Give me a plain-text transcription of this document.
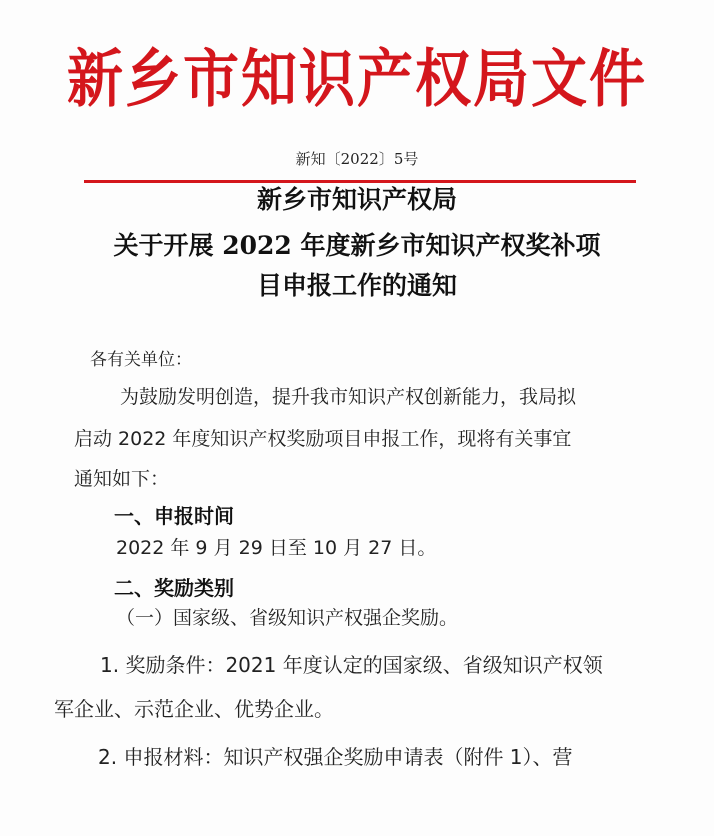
新乡市知识产权局文件
新知〔2022〕5号
新乡市知识产权局
关于开展 2022 年度新乡市知识产权奖补项
目申报工作的通知
各有关单位：
为鼓励发明创造，提升我市知识产权创新能力，我局拟
启动 2022 年度知识产权奖励项目申报工作，现将有关事宜
通知如下：
一、申报时间
2022 年 9 月 29 日至 10 月 27 日。
二、奖励类别
（一）国家级、省级知识产权强企奖励。
1. 奖励条件：2021 年度认定的国家级、省级知识产权领
军企业、示范企业、优势企业。
2. 申报材料：知识产权强企奖励申请表（附件 1）、营
